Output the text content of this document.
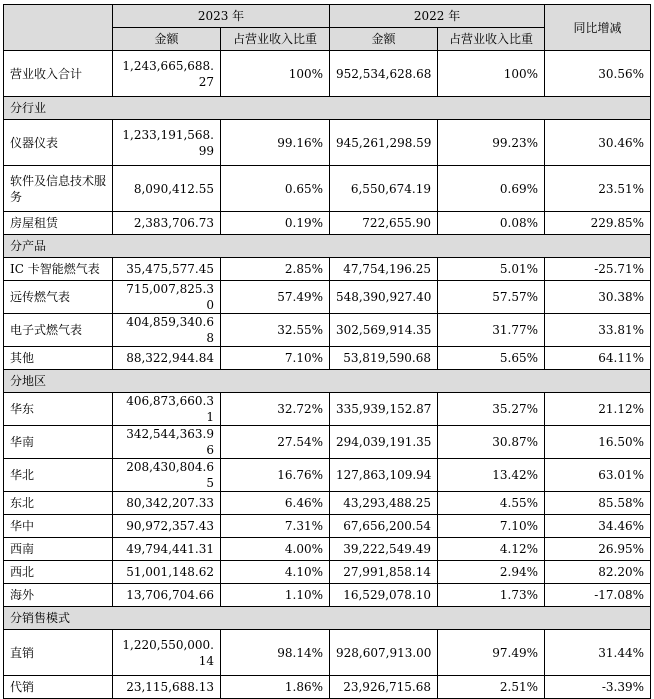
	2023 年		2022 年		同比增减
	金额	占营业收入比重	金额	占营业收入比重	
营业收入合计	1,243,665,688.27	100%	952,534,628.68	100%	30.56%
分行业					
仪器仪表	1,233,191,568.99	99.16%	945,261,298.59	99.23%	30.46%
软件及信息技术服务	8,090,412.55	0.65%	6,550,674.19	0.69%	23.51%
房屋租赁	2,383,706.73	0.19%	722,655.90	0.08%	229.85%
分产品					
IC 卡智能燃气表	35,475,577.45	2.85%	47,754,196.25	5.01%	-25.71%
远传燃气表	715,007,825.30	57.49%	548,390,927.40	57.57%	30.38%
电子式燃气表	404,859,340.68	32.55%	302,569,914.35	31.77%	33.81%
其他	88,322,944.84	7.10%	53,819,590.68	5.65%	64.11%
分地区					
华东	406,873,660.31	32.72%	335,939,152.87	35.27%	21.12%
华南	342,544,363.96	27.54%	294,039,191.35	30.87%	16.50%
华北	208,430,804.65	16.76%	127,863,109.94	13.42%	63.01%
东北	80,342,207.33	6.46%	43,293,488.25	4.55%	85.58%
华中	90,972,357.43	7.31%	67,656,200.54	7.10%	34.46%
西南	49,794,441.31	4.00%	39,222,549.49	4.12%	26.95%
西北	51,001,148.62	4.10%	27,991,858.14	2.94%	82.20%
海外	13,706,704.66	1.10%	16,529,078.10	1.73%	-17.08%
分销售模式					
直销	1,220,550,000.14	98.14%	928,607,913.00	97.49%	31.44%
代销	23,115,688.13	1.86%	23,926,715.68	2.51%	-3.39%
